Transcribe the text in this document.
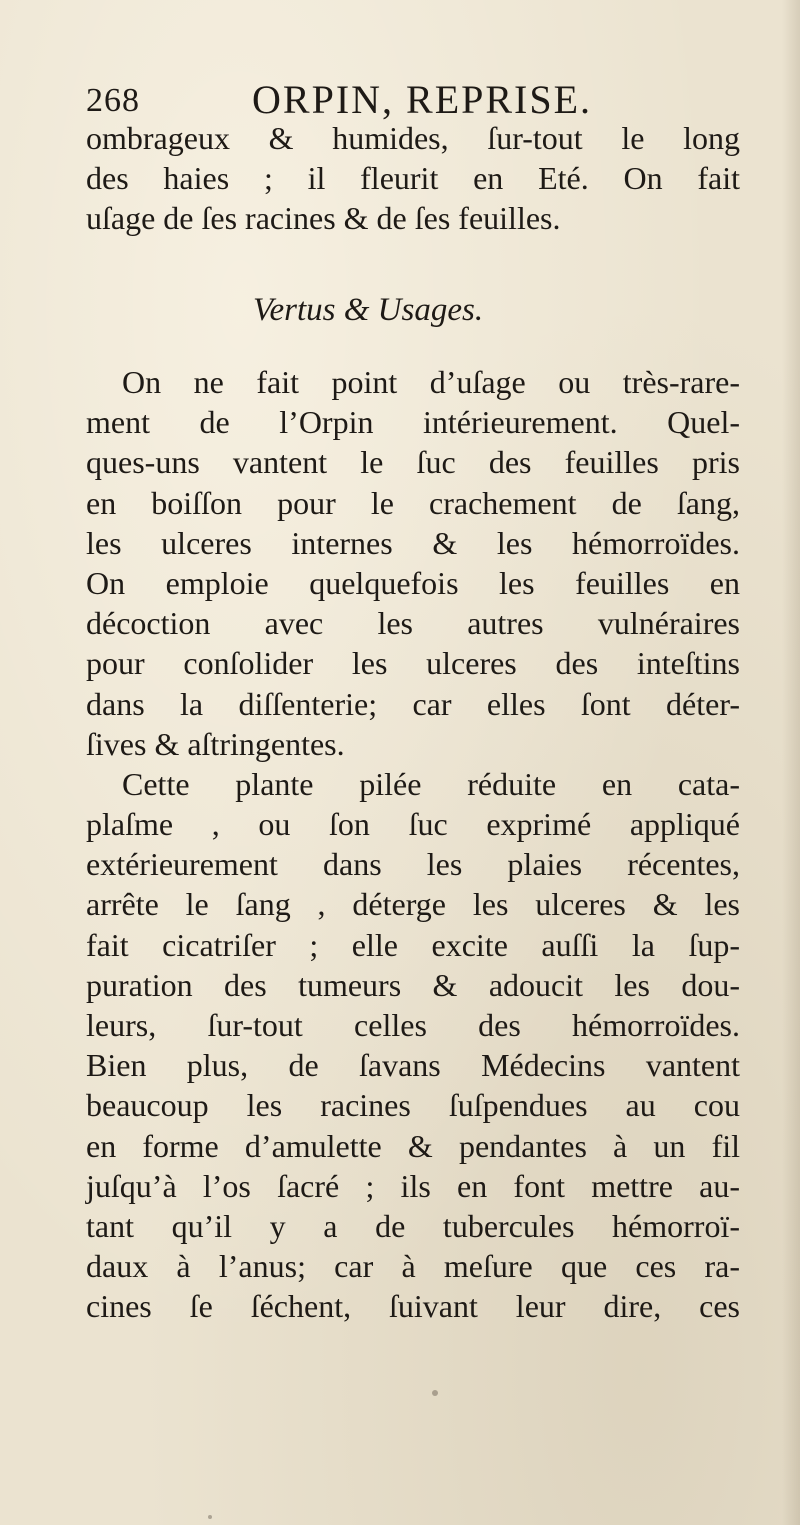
268	ORPIN, REPRISE.
ombrageux & humides, ſur-tout le long
des haies ; il fleurit en Eté. On fait
uſage de ſes racines & de ſes feuilles.
Vertus & Usages.
On ne fait point d’uſage ou très-rare-
ment de l’Orpin intérieurement. Quel-
ques-uns vantent le ſuc des feuilles pris
en boiſſon pour le crachement de ſang,
les ulceres internes & les hémorroïdes.
On emploie quelquefois les feuilles en
décoction avec les autres vulnéraires
pour conſolider les ulceres des inteſtins
dans la diſſenterie; car elles ſont déter-
ſives & aſtringentes.
Cette plante pilée réduite en cata-
plaſme , ou ſon ſuc exprimé appliqué
extérieurement dans les plaies récentes,
arrête le ſang , déterge les ulceres & les
fait cicatriſer ; elle excite auſſi la ſup-
puration des tumeurs & adoucit les dou-
leurs, ſur-tout celles des hémorroïdes.
Bien plus, de ſavans Médecins vantent
beaucoup les racines ſuſpendues au cou
en forme d’amulette & pendantes à un fil
juſqu’à l’os ſacré ; ils en font mettre au-
tant qu’il y a de tubercules hémorroï-
daux à l’anus; car à meſure que ces ra-
cines ſe ſéchent, ſuivant leur dire, ces
